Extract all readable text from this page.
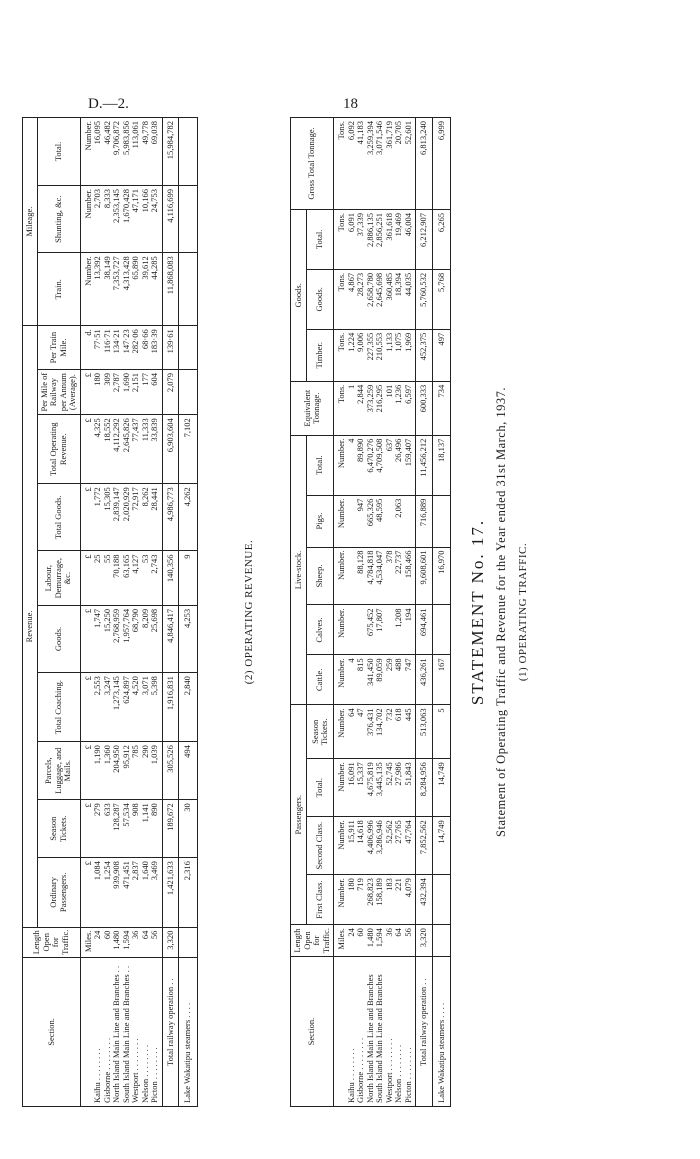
D.—2.	18
STATEMENT No. 17. Statement of Operating Traffic and Revenue for the Year ended 31st March, 1937. (1) OPERATING TRAFFIC.
(2) OPERATING REVENUE.
Section.	Length Open for Traffic.	Passengers.				Live-stock.					Equivalent Tonnage.	Goods.			Gross Total Tonnage.
		First Class.	Second Class.	Total.	Season Tickets.	Cattle.	Calves.	Sheep.	Pigs.	Total.		Timber.	Goods.	Total.	
	Miles.	Number.	Number.	Number.	Number.	Number.	Number.	Number.	Number.	Number.	Tons.	Tons.	Tons.	Tons.	Tons.
Kaihu . . . . . . . .	24	180	15,911	16,091	64	4				4	1	1,224	4,867	6,091	6,092
Gisborne . . . . . . . .	60	719	14,618	15,337	47	815		88,128	947	89,890	2,844	9,006	28,273	37,339	41,183
North Island Main Line and Branches	1,480	268,823	4,406,996	4,675,819	376,431	341,450	675,452	4,784,818	665,326	6,470,276	373,259	227,355	2,658,780	2,886,135	3,259,394
South Island Main Line and Branches	1,594	158,189	3,286,946	3,445,135	134,702	89,059	17,807	4,534,047	48,595	4,709,508	216,295	210,553	2,645,698	2,856,251	3,071,546
Westport . . . . . . . .	36	183	52,562	52,745	732	259		378		637	101	1,133	360,485	361,618	361,719
Nelson . . . . . . . .	64	221	27,765	27,986	618	488	1,208	22,737	2,063	26,496	1,236	1,075	18,394	19,469	20,705
Picton . . . . . . . .	56	4,079	47,764	51,843	445	747	194	158,466		159,407	6,597	1,969	44,035	46,004	52,601

Total railway operation . .	3,320	432,394	7,852,562	8,284,956	513,063	436,261	694,461	9,608,601	716,889	11,456,212	600,333	452,375	5,760,532	6,212,907	6,813,240
Lake Wakatipu steamers . . . .			14,749	14,749	5	167		16,970		18,137	734	497	5,768	6,265	6,999
Section.	Length Open for Traffic.	Revenue.										Mileage.		
		Ordinary Passengers.	Season Tickets.	Parcels, Luggage, and Mails.	Total Coaching.	Goods.	Labour, Demurrage, &c.	Total Goods.	Total Operating Revenue.	Per Mile of Railway per Annum (Average).	Per Train Mile.	Train.	Shunting, &c.	Total.
	Miles.	£	£	£	£	£	£	£	£	£	d.	Number.	Number.	Number.
Kaihu . . . . . . . .	24	1,084	279	1,190	2,553	1,747	25	1,772	4,325	180	77·51	13,392	2,703	16,095
Gisborne . . . . . . . .	60	1,254	633	1,360	3,247	15,250	55	15,305	18,552	309	116·71	38,149	8,333	46,482
North Island Main Line and Branches . .	1,480	939,908	128,287	204,950	1,273,145	2,768,959	70,188	2,839,147	4,112,292	2,787	134·21	7,353,727	2,353,145	9,706,872
South Island Main Line and Branches . .	1,594	471,451	57,534	95,912	624,897	1,957,764	63,165	2,020,929	2,645,826	1,690	147·23	4,313,428	1,670,428	5,983,856
Westport . . . . . . . .	36	2,837	908	785	4,520	68,790	4,127	72,917	77,437	2,151	282·06	65,890	47,171	113,061
Nelson . . . . . . . .	64	1,640	1,141	290	3,071	8,209	53	8,262	11,333	177	68·66	39,612	10,166	49,778
Picton . . . . . . . .	56	3,469	890	1,039	5,398	25,698	2,743	28,441	33,839	604	183·39	44,285	24,753	69,038

Total railway operation . .	3,320	1,421,633	189,672	305,526	1,916,831	4,846,417	140,356	4,986,773	6,903,604	2,079	139·61	11,868,083	4,116,699	15,984,782
Lake Wakatipu steamers . . . .		2,316	30	494	2,840	4,253	9	4,262	7,102					
